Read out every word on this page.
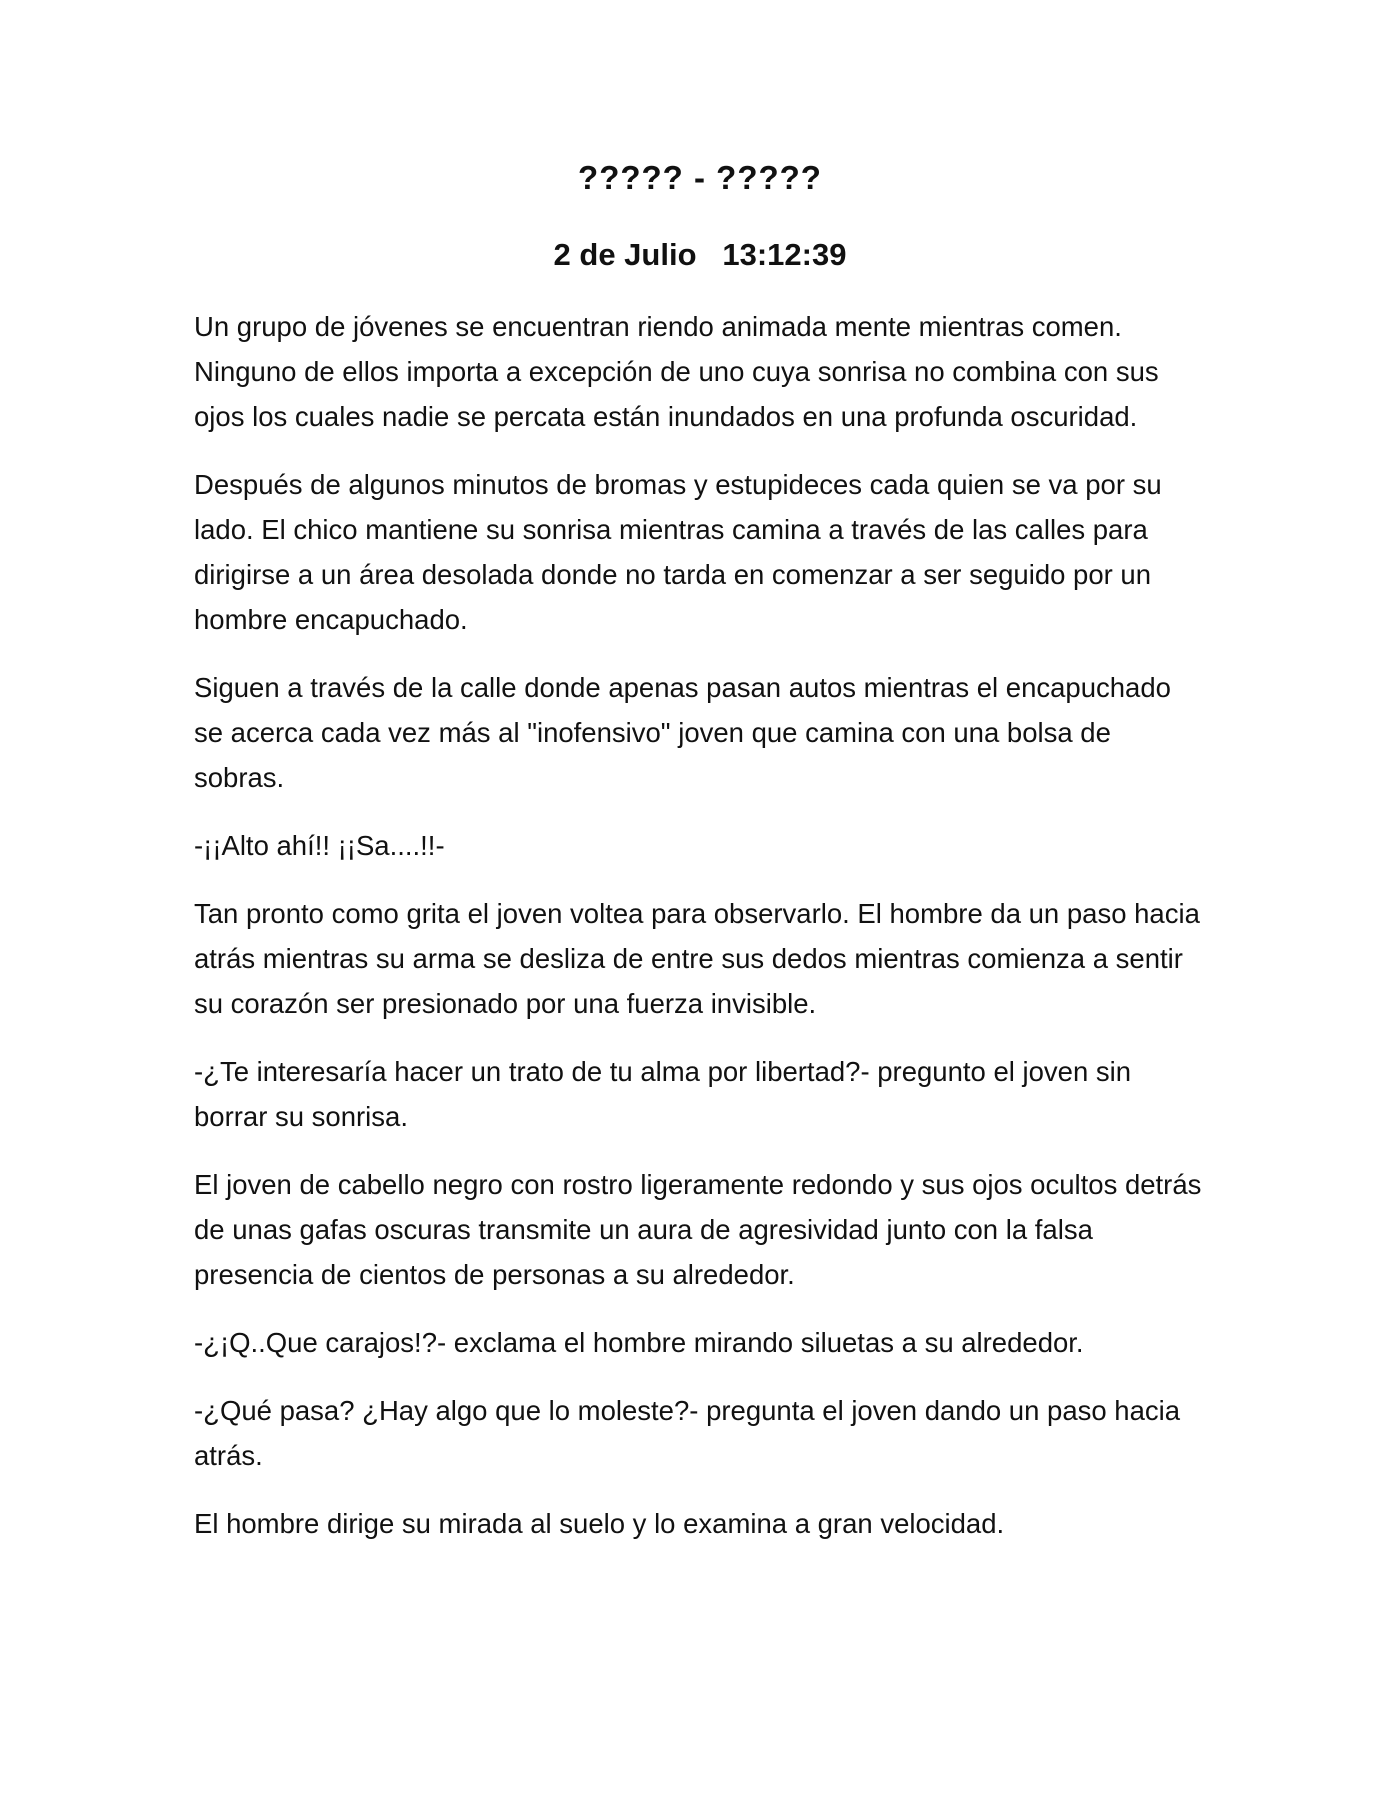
????? - ?????
2 de Julio   13:12:39

Un grupo de jóvenes se encuentran riendo animada mente mientras comen. Ninguno de ellos importa a excepción de uno cuya sonrisa no combina con sus ojos los cuales nadie se percata están inundados en una profunda oscuridad.

Después de algunos minutos de bromas y estupideces cada quien se va por su lado. El chico mantiene su sonrisa mientras camina a través de las calles para dirigirse a un área desolada donde no tarda en comenzar a ser seguido por un hombre encapuchado.

Siguen a través de la calle donde apenas pasan autos mientras el encapuchado se acerca cada vez más al "inofensivo" joven que camina con una bolsa de sobras.

-¡¡Alto ahí!! ¡¡Sa....!!-

Tan pronto como grita el joven voltea para observarlo. El hombre da un paso hacia atrás mientras su arma se desliza de entre sus dedos mientras comienza a sentir su corazón ser presionado por una fuerza invisible.

-¿Te interesaría hacer un trato de tu alma por libertad?- pregunto el joven sin borrar su sonrisa.

El joven de cabello negro con rostro ligeramente redondo y sus ojos ocultos detrás de unas gafas oscuras transmite un aura de agresividad junto con la falsa presencia de cientos de personas a su alrededor.

-¿¡Q..Que carajos!?- exclama el hombre mirando siluetas a su alrededor.

-¿Qué pasa? ¿Hay algo que lo moleste?- pregunta el joven dando un paso hacia atrás.

El hombre dirige su mirada al suelo y lo examina a gran velocidad.
